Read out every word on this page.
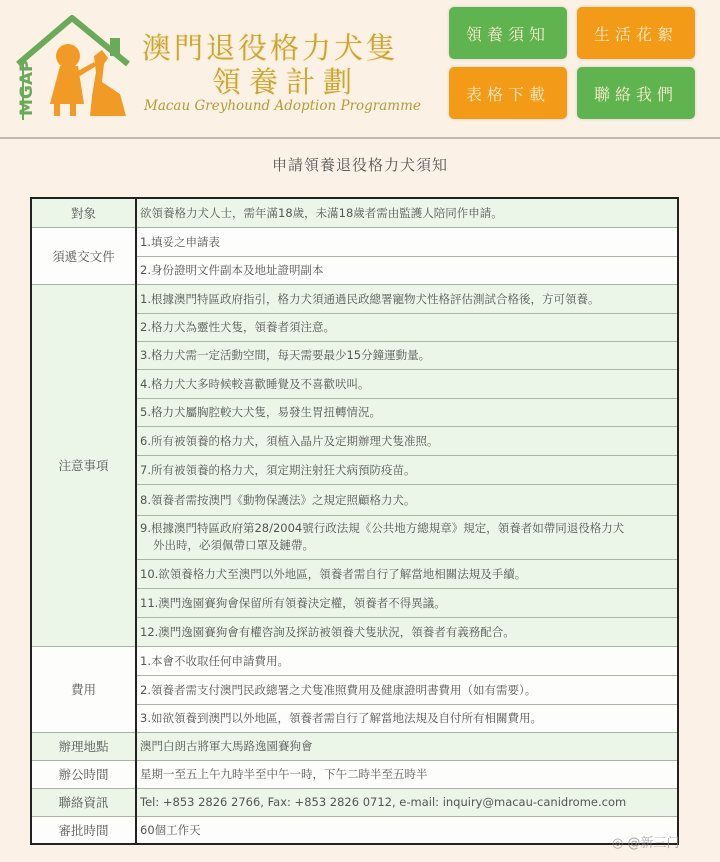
MGAP
澳門退役格力犬隻
領養計劃
Macau Greyhound Adoption Programme
領養須知	生活花絮
表格下載	聯絡我們
申請領養退役格力犬須知
對象	欲領養格力犬人士，需年滿18歲，未滿18歲者需由監護人陪同作申請。
須遞交文件	1.填妥之申請表
	2.身份證明文件副本及地址證明副本
注意事項	1.根據澳門特區政府指引，格力犬須通過民政總署寵物犬性格評估測試合格後，方可領養。
	2.格力犬為靈性犬隻，領養者須注意。
	3.格力犬需一定活動空間，每天需要最少15分鐘運動量。
	4.格力犬大多時候較喜歡睡覺及不喜歡吠叫。
	5.格力犬屬胸腔較大犬隻，易發生胃扭轉情況。
	6.所有被領養的格力犬，須植入晶片及定期辦理犬隻准照。
	7.所有被領養的格力犬，須定期注射狂犬病預防疫苗。
	8.領養者需按澳門《動物保護法》之規定照顧格力犬。

	9.根據澳門特區政府第28/2004號行政法規《公共地方總規章》規定，領養者如帶同退役格力犬
外出時，必須佩帶口罩及鏈帶。

	10.欲領養格力犬至澳門以外地區，領養者需自行了解當地相關法規及手續。
	11.澳門逸園賽狗會保留所有領養決定權，領養者不得異議。
	12.澳門逸園賽狗會有權咨詢及探訪被領養犬隻狀況，領養者有義務配合。
費用	1.本會不收取任何申請費用。
	2.領養者需支付澳門民政總署之犬隻准照費用及健康證明書費用（如有需要）。
	3.如欲領養到澳門以外地區，領養者需自行了解當地法規及自付所有相關費用。
辦理地點	澳門白朗古將軍大馬路逸園賽狗會
辦公時間	星期一至五上午九時半至中午一時，下午二時半至五時半
聯絡資訊	Tel: +853 2826 2766, Fax: +853 2826 0712, e-mail: inquiry@macau-canidrome.com
審批時間	60個工作天
◎ @新三门
